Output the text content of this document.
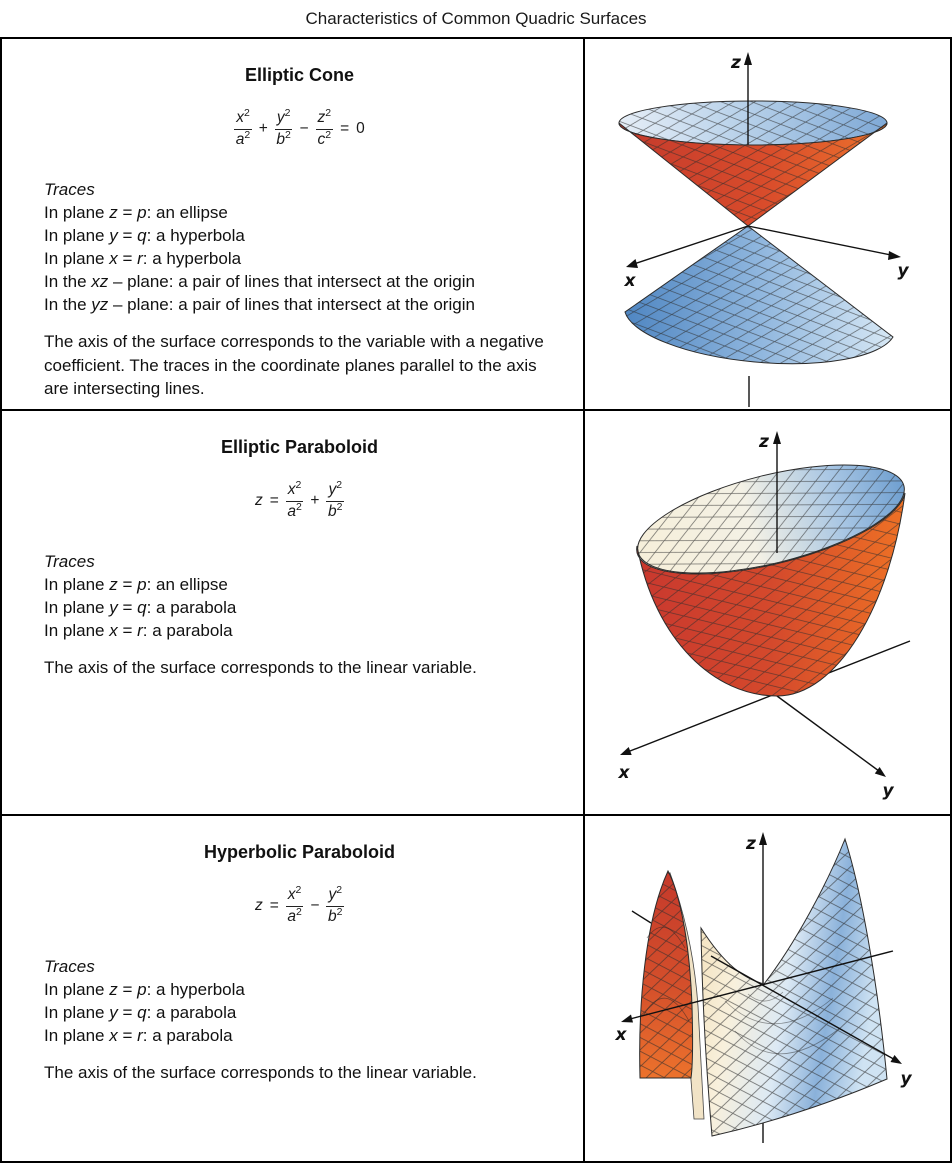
Characteristics of Common Quadric Surfaces
Elliptic Cone
$\frac{x^2}{a^2} + \frac{y^2}{b^2} - \frac{z^2}{c^2} = 0$
Traces
In plane z = p: an ellipse
In plane y = q: a hyperbola
In plane x = r: a hyperbola
In the xz – plane: a pair of lines that intersect at the origin
In the yz – plane: a pair of lines that intersect at the origin
The axis of the surface corresponds to the variable with a negative coefficient. The traces in the coordinate planes parallel to the axis are intersecting lines.
x	y
z
Elliptic Paraboloid
$z = \frac{x^2}{a^2} + \frac{y^2}{b^2}$
Traces
In plane z = p: an ellipse
In plane y = q: a parabola
In plane x = r: a parabola
The axis of the surface corresponds to the linear variable.
x
y
z
Hyperbolic Paraboloid
$z = \frac{x^2}{a^2} - \frac{y^2}{b^2}$
Traces
In plane z = p: a hyperbola
In plane y = q: a parabola
In plane x = r: a parabola
The axis of the surface corresponds to the linear variable.
x
y
z
